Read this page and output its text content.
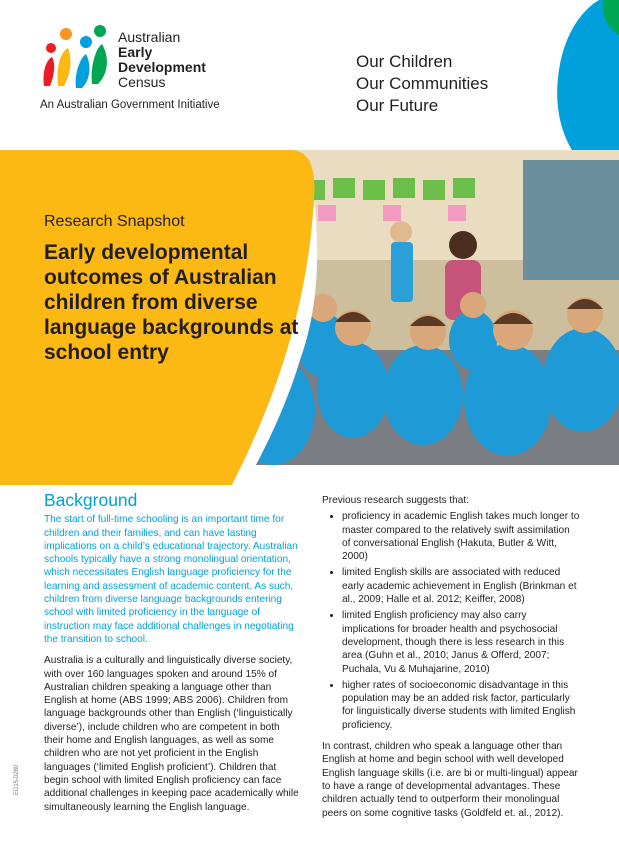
Australian
Early
Development
Census
An Australian Government Initiative
Our Children
Our Communities
Our Future
Research Snapshot
Early developmental outcomes of Australian children from diverse language backgrounds at school entry
Background

The start of full-time schooling is an important time for children and their families, and can have lasting implications on a child’s educational trajectory. Australian schools typically have a strong monolingual orientation, which necessitates English language proficiency for the learning and assessment of academic content. As such, children from diverse language backgrounds entering school with limited proficiency in the language of instruction may face additional challenges in negotiating the transition to school.

Australia is a culturally and linguistically diverse society, with over 160 languages spoken and around 15% of Australian children speaking a language other than English at home (ABS 1999; ABS 2006). Children from language backgrounds other than English (‘linguistically diverse’), include children who are competent in both their home and English languages, as well as some children who are not yet proficient in the English languages (‘limited English proficient’). Children that begin school with limited English proficiency can face additional challenges in keeping pace academically while simultaneously learning the English language.

Previous research suggests that:

• proficiency in academic English takes much longer to master compared to the relatively swift assimilation of conversational English (Hakuta, Butler & Witt, 2000)
• limited English skills are associated with reduced early academic achievement in English (Brinkman et al., 2009; Halle et al. 2012; Keiffer, 2008)
• limited English proficiency may also carry implications for broader health and psychosocial development, though there is less research in this area (Guhn et al., 2010; Janus & Offerd, 2007; Puchala, Vu & Muhajarine, 2010)
• higher rates of socioeconomic disadvantage in this population may be an added risk factor, particularly for linguistically diverse students with limited English proficiency.

In contrast, children who speak a language other than English at home and begin school with well developed English language skills (i.e. are bi or multi-lingual) appear to have a range of developmental advantages. These children actually tend to outperform their monolingual peers on some cognitive tasks (Goldfeld et. al., 2012).

ED15-0280
